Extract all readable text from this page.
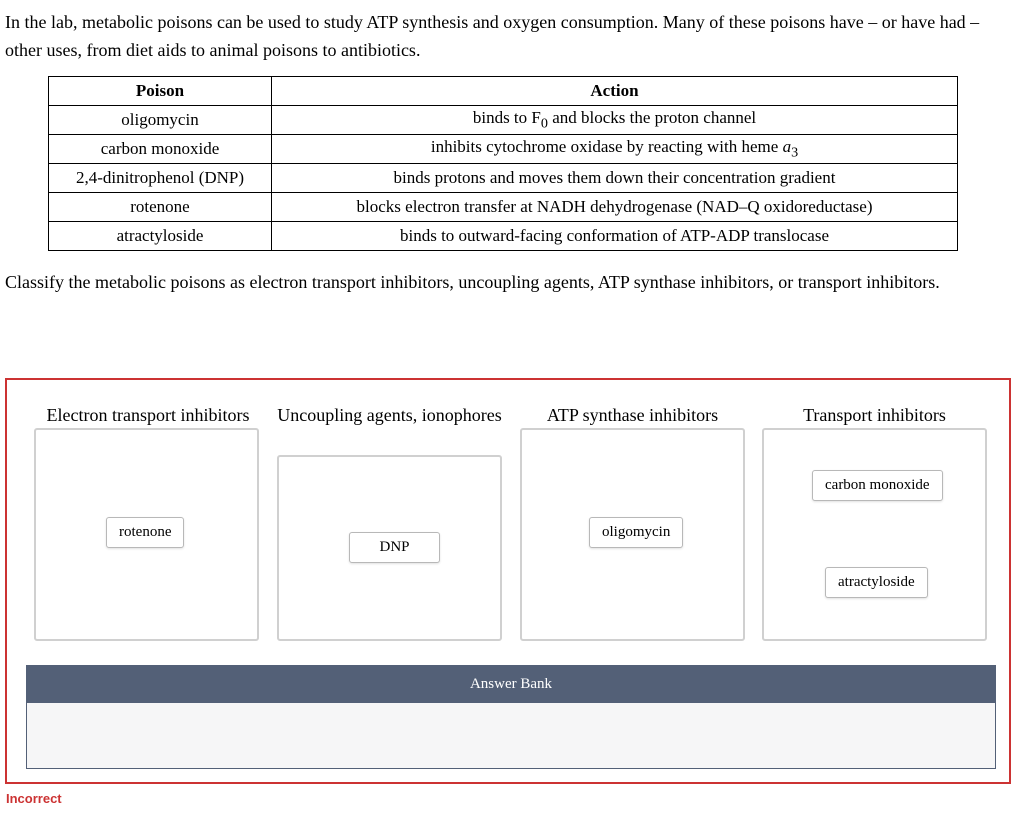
In the lab, metabolic poisons can be used to study ATP synthesis and oxygen consumption. Many of these poisons have – or have had – other uses, from diet aids to animal poisons to antibiotics.

Poison	Action
oligomycin	binds to $F_0$ and blocks the proton channel
carbon monoxide	inhibits cytochrome oxidase by reacting with heme $a_3$
2,4-dinitrophenol (DNP)	binds protons and moves them down their concentration gradient
rotenone	blocks electron transfer at NADH dehydrogenase (NAD–Q oxidoreductase)
atractyloside	binds to outward-facing conformation of ATP-ADP translocase

Classify the metabolic poisons as electron transport inhibitors, uncoupling agents, ATP synthase inhibitors, or transport inhibitors.

Electron transport inhibitors
rotenone
Uncoupling agents, ionophores
DNP
ATP synthase inhibitors
oligomycin
Transport inhibitors
carbon monoxide
atractyloside
Answer Bank
Incorrect
